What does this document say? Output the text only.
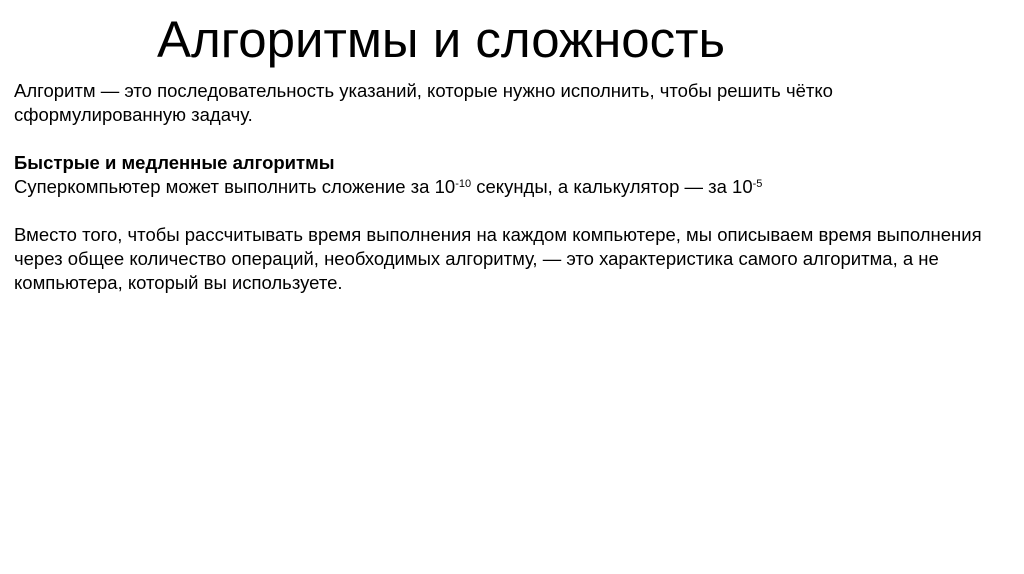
Алгоритмы и сложность

Алгоритм — это последовательность указаний, которые нужно исполнить, чтобы решить чётко сформулированную задачу.

Быстрые и медленные алгоритмы

Суперкомпьютер может выполнить сложение за $10^{-10}$ секунды, а калькулятор — за $10^{-5}$

Вместо того, чтобы рассчитывать время выполнения на каждом компьютере, мы описываем время выполнения через общее количество операций, необходимых алгоритму, — это характеристика самого алгоритма, а не компьютера, который вы используете.
